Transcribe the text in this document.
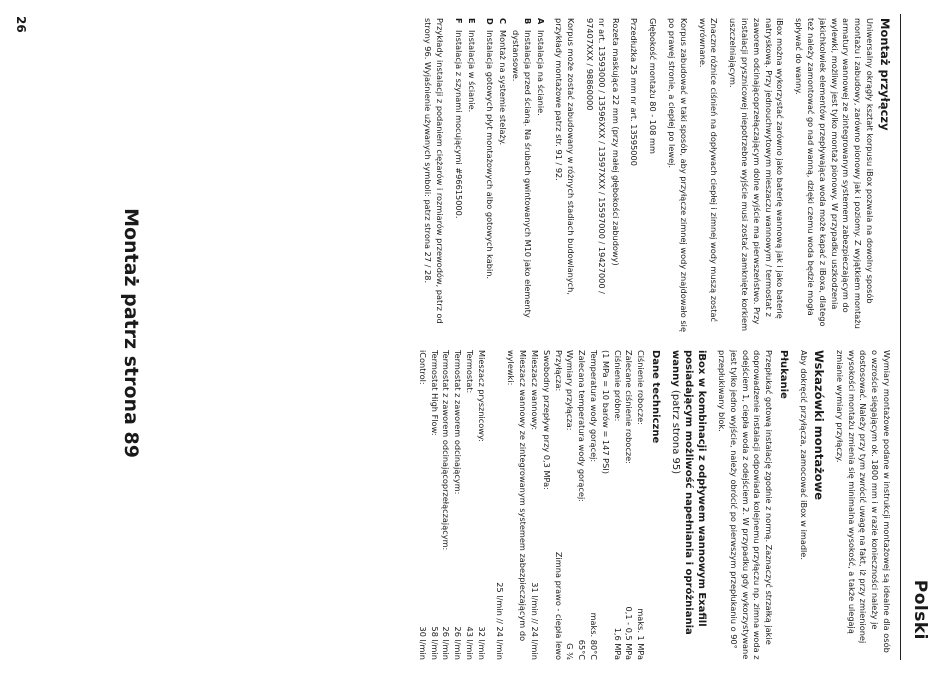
Polski
Montaż przyłączy

Uniwersalny okrągły kształt korpusu iBox pozwala na dowolny sposób montażu i zabudowy, zarówno pionowy jak i poziomy. Z wyjątkiem montażu armatury wannowej ze zintegrowanym systemem zabezpieczającym do wylewki, możliwy jest tylko montaż pionowy. W przypadku uszkodzenia jakichkolwiek elementów przepływająca woda może kapać z iBoxa, dlatego też należy zamontować go nad wanną, dzięki czemu woda będzie mogła spływać do wanny.

iBox można wykorzystać zarówno jako baterię wannową jak i jako baterię natryskową. Przy jednouchwytowym mieszaczu wannowym / termostat z zaworem odcinającoprzełączającym dolne wyjście ma pierwszeństwo. Przy instalacji prysznicowej niepotrzebne wyjście musi zostać zamknięte korkiem uszczelniającym.

Znaczne różnice ciśnień na dopływach ciepłej i zimnej wody muszą zostać wyrównane.

Korpus zabudować w taki sposób, aby przyłącze zimnej wody znajdowało się po prawej stronie, a ciepłej po lewej.

Głębokość montażu 80 - 108 mm

Przedłużka 25 mm nr art. 13595000

Rozeta maskująca 22 mm (przy małej głębokości zabudowy)

nr art. 13593000 / 13596XXX / 13597XXX / 15597000 / 19427000 / 97407XXX / 98860000

Korpus może zostać zabudowany w różnych stadiach budowlanych, przykłady montażowe patrz str. 91 / 92.

A
Instalacja na ścianie.
B
Instalacja przed ścianą. Na śrubach gwintowanych M10 jako elementy dystansowe.
C
Montaż na systemie stelaży.
D
Instalacja gotowych płyt montażowych albo gotowych kabin.
E
Instalacja w ścianie.
F
Instalacja z szynami mocującymi #96615000.

Przykłady instalacji z podaniem ciężarów i rozmiarów przewodów, patrz od strony 96. Wyjaśnienie używanych symboli: patrz strona 27 / 28.

Wymiary montażowe podane w instrukcji montażowej są idealne dla osób o wzroście sięgającym ok. 1800 mm i w razie konieczności należy je dostosować. Należy przy tym zwrócić uwagę na fakt, iż przy zmienionej wysokości montażu zmienia się minimalna wysokość, a także ulegają zmianie wymiary przyłączy.

Wskazówki montażowe

Aby dokręcić przyłącza, zamocować iBox w imadle.

Płukanie

Przepłukać gotową instalację zgodnie z normą. Zaznaczyć strzałką jakie doprowadzenie instalacji odpowiada kolejnemu przyłączu np. zimna woda z odejściem 1, ciepła woda z odejściem 2. W przypadku gdy wykorzystywane jest tylko jedno wyjście, należy obrócić po pierwszym przepłukaniu o 90° przepłukiwany blok.

iBox w kombinacji z odpływem wannowym Exafill posiadającym możliwość napełniania i opróżniania wanny (patrz strona 95)

Dane techniczne
Ciśnienie robocze:
maks. 1 MPa
Zalecane ciśnienie robocze:
0,1 - 0,5 MPa
Ciśnienie próbne:
1,6 MPa
(1 MPa = 10 barów = 147 PSI)
Temperatura wody gorącej:
maks. 80°C
Zalecana temperatura wody gorącej:
65°C
Wymiary przyłącza:
G ¾
Przyłącza:
Zimna prawo - ciepła lewo
Swobodny przepływ przy 0,3 MPa:
Mieszacz wannowy:
31 l/min // 24 l/min
Mieszacz wannowy ze zintegrowanym systemem zabezpieczającym do wylewki:
25 l/min // 24 l/min
Mieszacz prysznicowy:
32 l/min
Termostat:
43 l/min
Termostat z zaworem odcinającym:
26 l/min
Termostat z zaworem odcinającoprzełączającym:
26 l/min
Termostat High Flow:
58 l/min
iControl:
30 l/min
Montaż patrz strona 89
26
